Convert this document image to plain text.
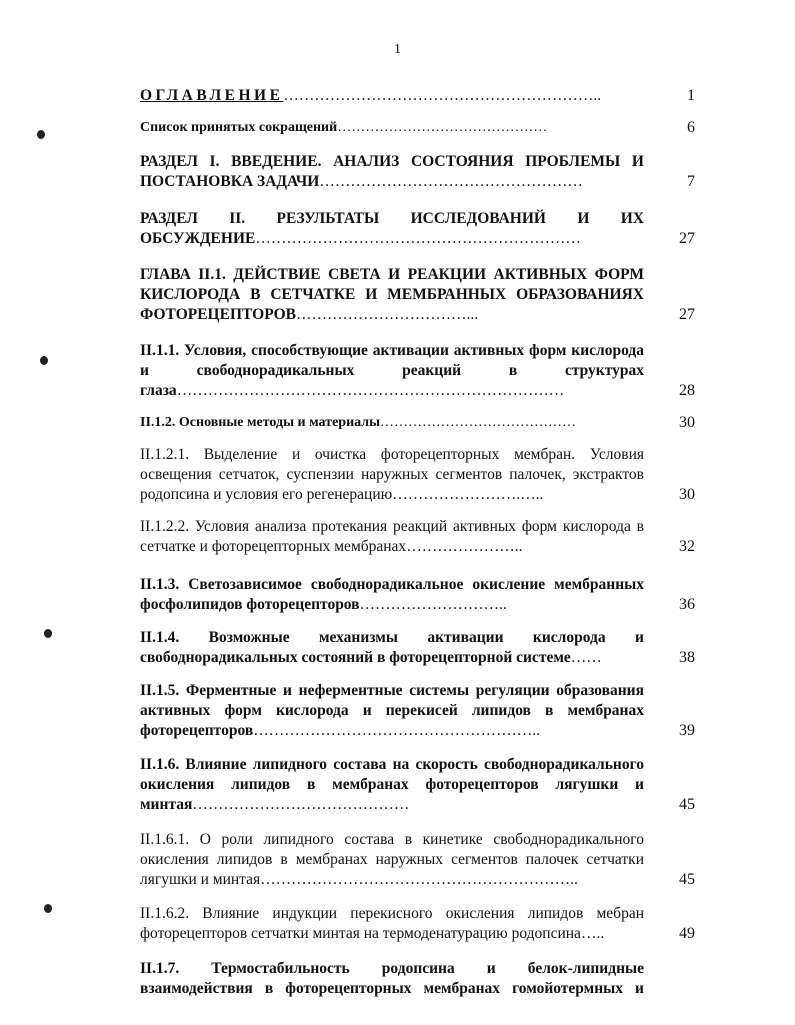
1
ОГЛАВЛЕНИЕ……………………………………………………..	1
Список принятых сокращений………………………………………	6
РАЗДЕЛ I. ВВЕДЕНИЕ. АНАЛИЗ СОСТОЯНИЯ ПРОБЛЕМЫ И ПОСТАНОВКА ЗАДАЧИ……………………………………………	7
РАЗДЕЛ II. РЕЗУЛЬТАТЫ ИССЛЕДОВАНИЙ И ИХ ОБСУЖДЕНИЕ………………………………………………………	27
ГЛАВА II.1. ДЕЙСТВИЕ СВЕТА И РЕАКЦИИ АКТИВНЫХ ФОРМ КИСЛОРОДА В СЕТЧАТКЕ И МЕМБРАННЫХ ОБРАЗОВАНИЯХ ФОТОРЕЦЕПТОРОВ……………………………...	27
II.1.1. Условия, способствующие активации активных форм кислорода и свободнорадикальных реакций в структурах глаза…………………………………………………………………	28
II.1.2. Основные методы и материалы……………………………………	30
II.1.2.1. Выделение и очистка фоторецепторных мембран. Условия освещения сетчаток, суспензии наружных сегментов палочек, экстрактов родопсина и условия его регенерацию…………………….…..	30
II.1.2.2. Условия анализа протекания реакций активных форм кислорода в сетчатке и фоторецепторных мембранах…………………..	32
II.1.3. Светозависимое свободнорадикальное окисление мембранных фосфолипидов фоторецепторов………………………..	36
II.1.4. Возможные механизмы активации кислорода и свободнорадикальных состояний в фоторецепторной системе……	38
II.1.5. Ферментные и неферментные системы регуляции образования активных форм кислорода и перекисей липидов в мембранах фоторецепторов………………………………………………..	39
II.1.6. Влияние липидного состава на скорость свободнорадикального окисления липидов в мембранах фоторецепторов лягушки и минтая……………………………………	45
II.1.6.1. О роли липидного состава в кинетике свободнорадикального окисления липидов в мембранах наружных сегментов палочек сетчатки лягушки и минтая……………………………………………………..	45
II.1.6.2. Влияние индукции перекисного окисления липидов мебран фоторецепторов сетчатки минтая на термоденатурацию родопсина…..	49
II.1.7. Термостабильность родопсина и белок-липидные взаимодействия в фоторецепторных мембранах гомойотермных и
